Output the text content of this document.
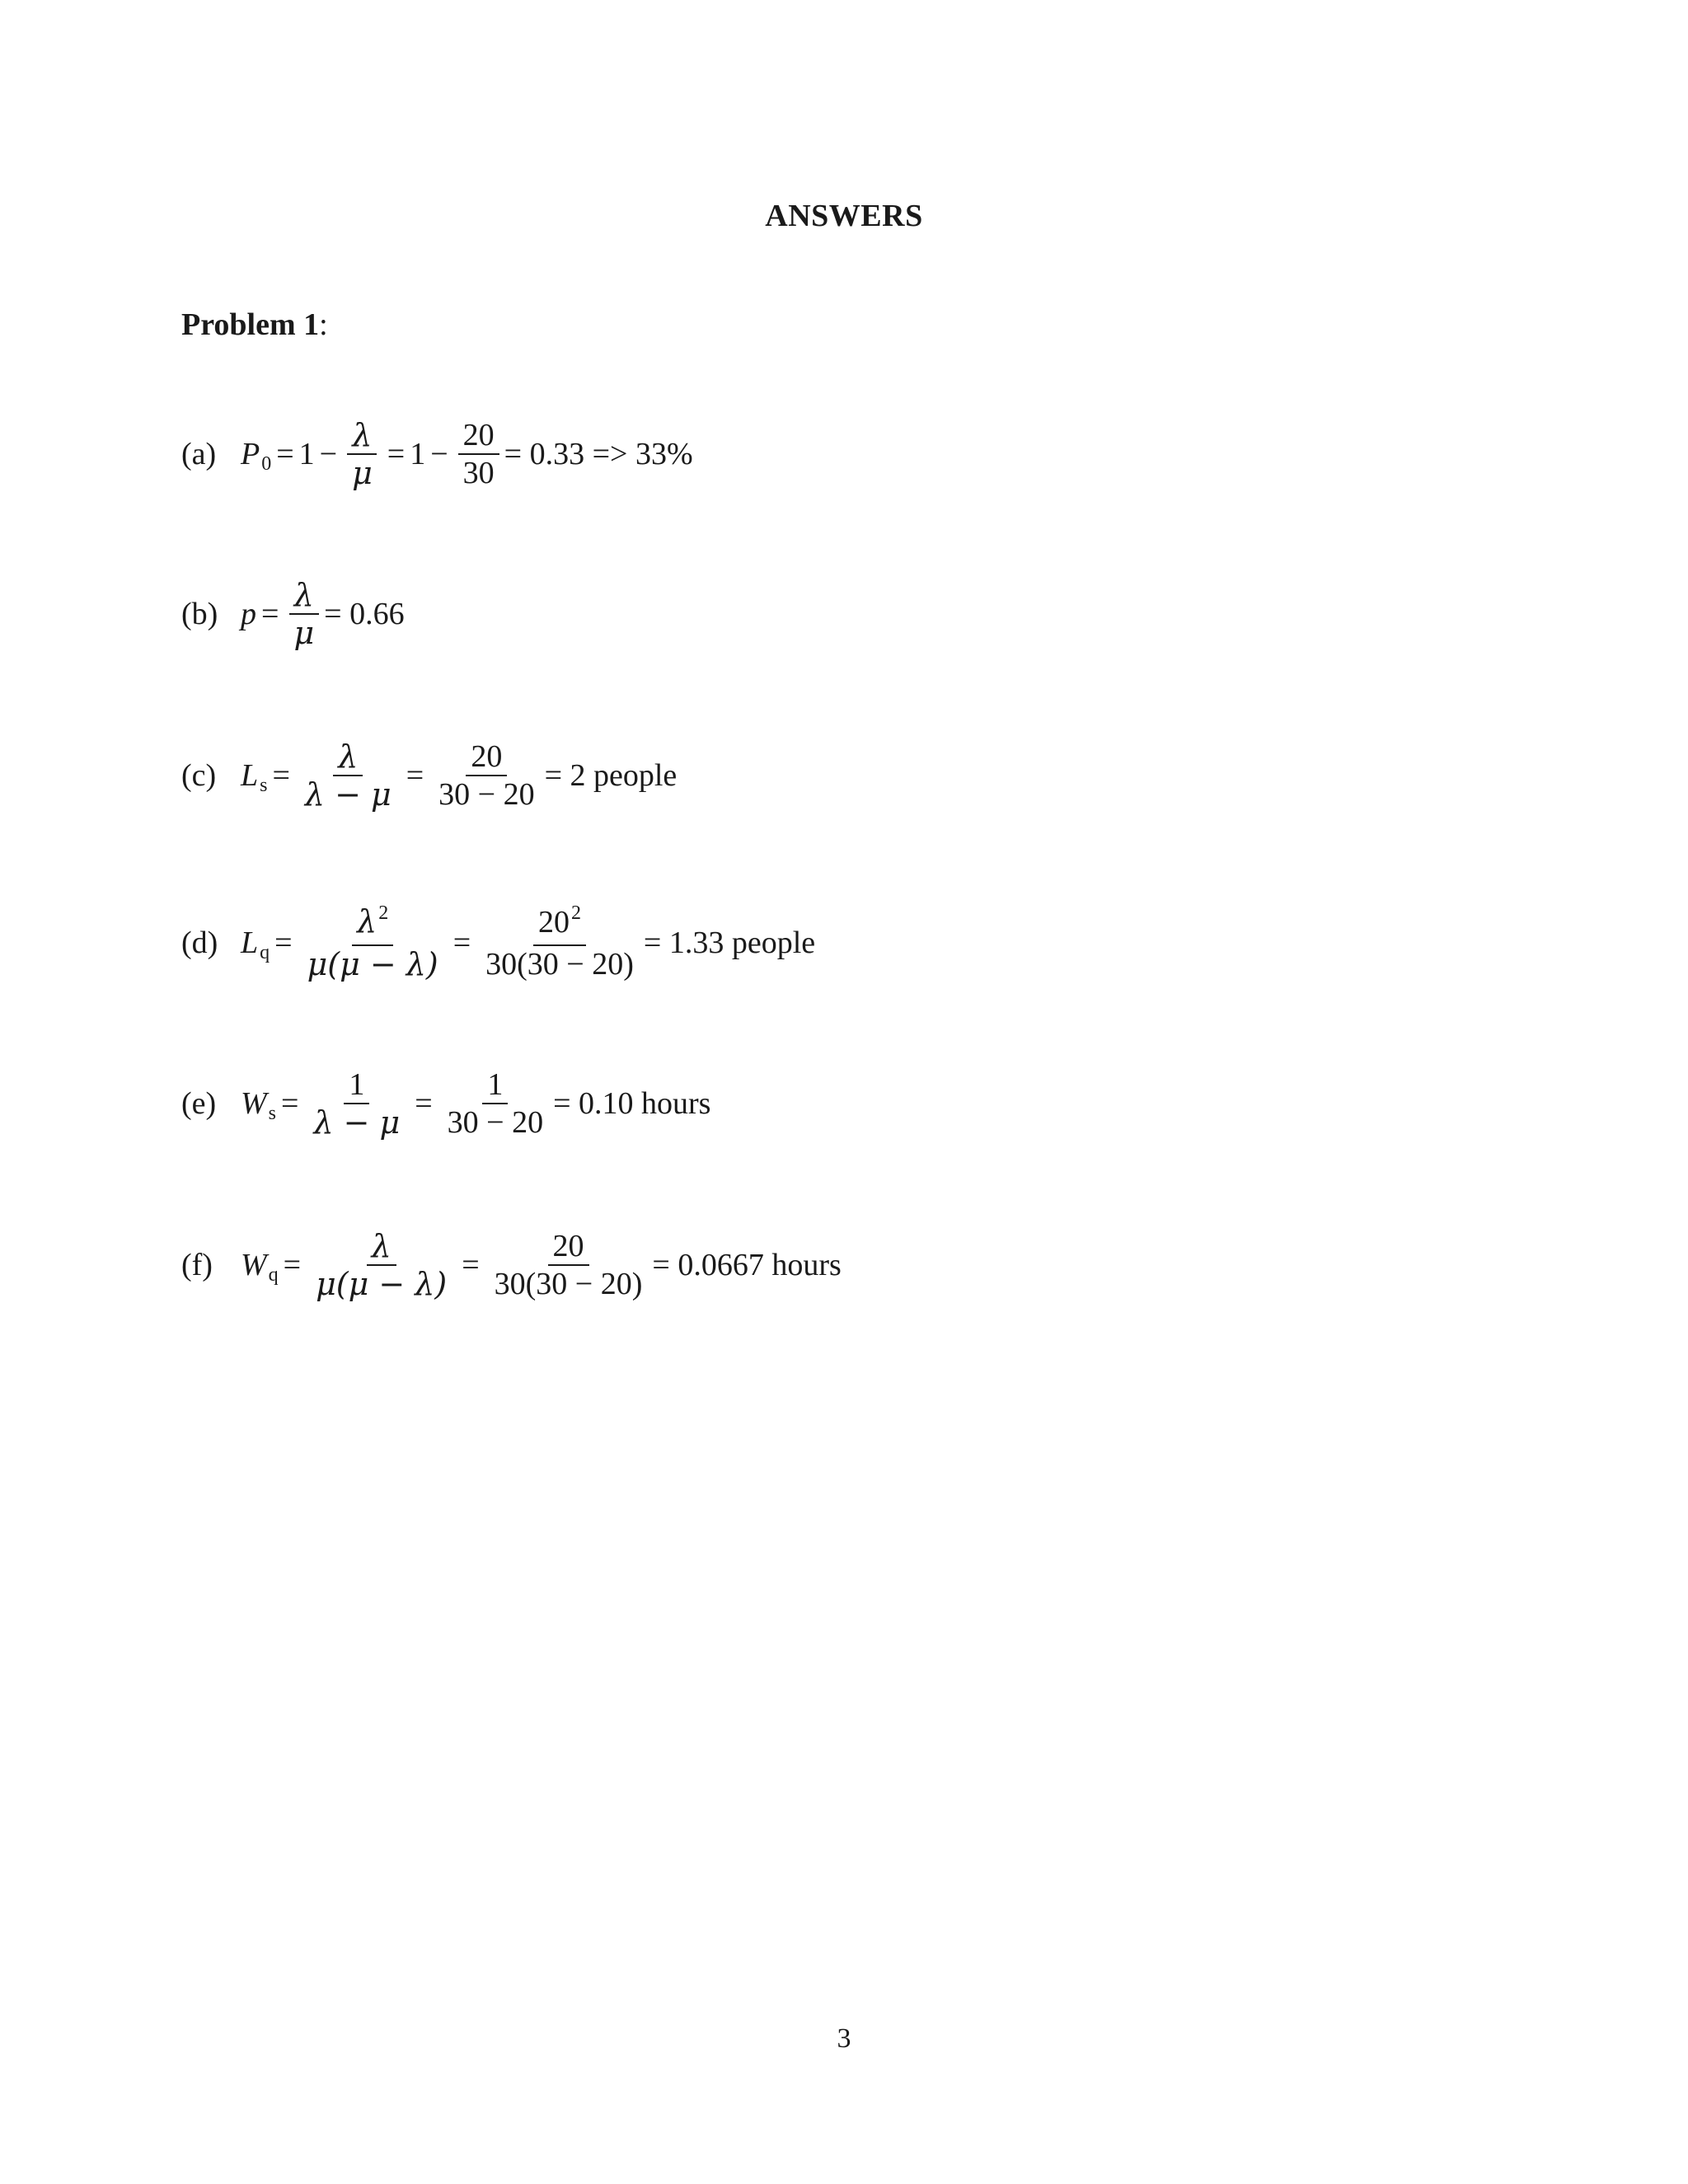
ANSWERS
Problem 1:
(a) P $0 = 1 - \frac{\lambda}{\mu} = 1 - \frac{20}{30} = 0.33 => 33\%$
(b) $p = \frac{\lambda}{\mu} = 0.66$
(c) L $s = \frac{\lambda}{\lambda - \mu} = \frac{20}{30 - 20} = 2$ people
(d) L $q = \frac{\lambda^2}{\mu(\mu - \lambda)} = \frac{20^2}{30(30 - 20)} = 1.33$ people
(e) W $s = \frac{1}{\lambda - \mu} = \frac{1}{30 - 20} = 0.10$ hours
(f) W $q = \frac{\lambda}{\mu(\mu - \lambda)} = \frac{20}{30(30 - 20)} = 0.0667$ hours
3
